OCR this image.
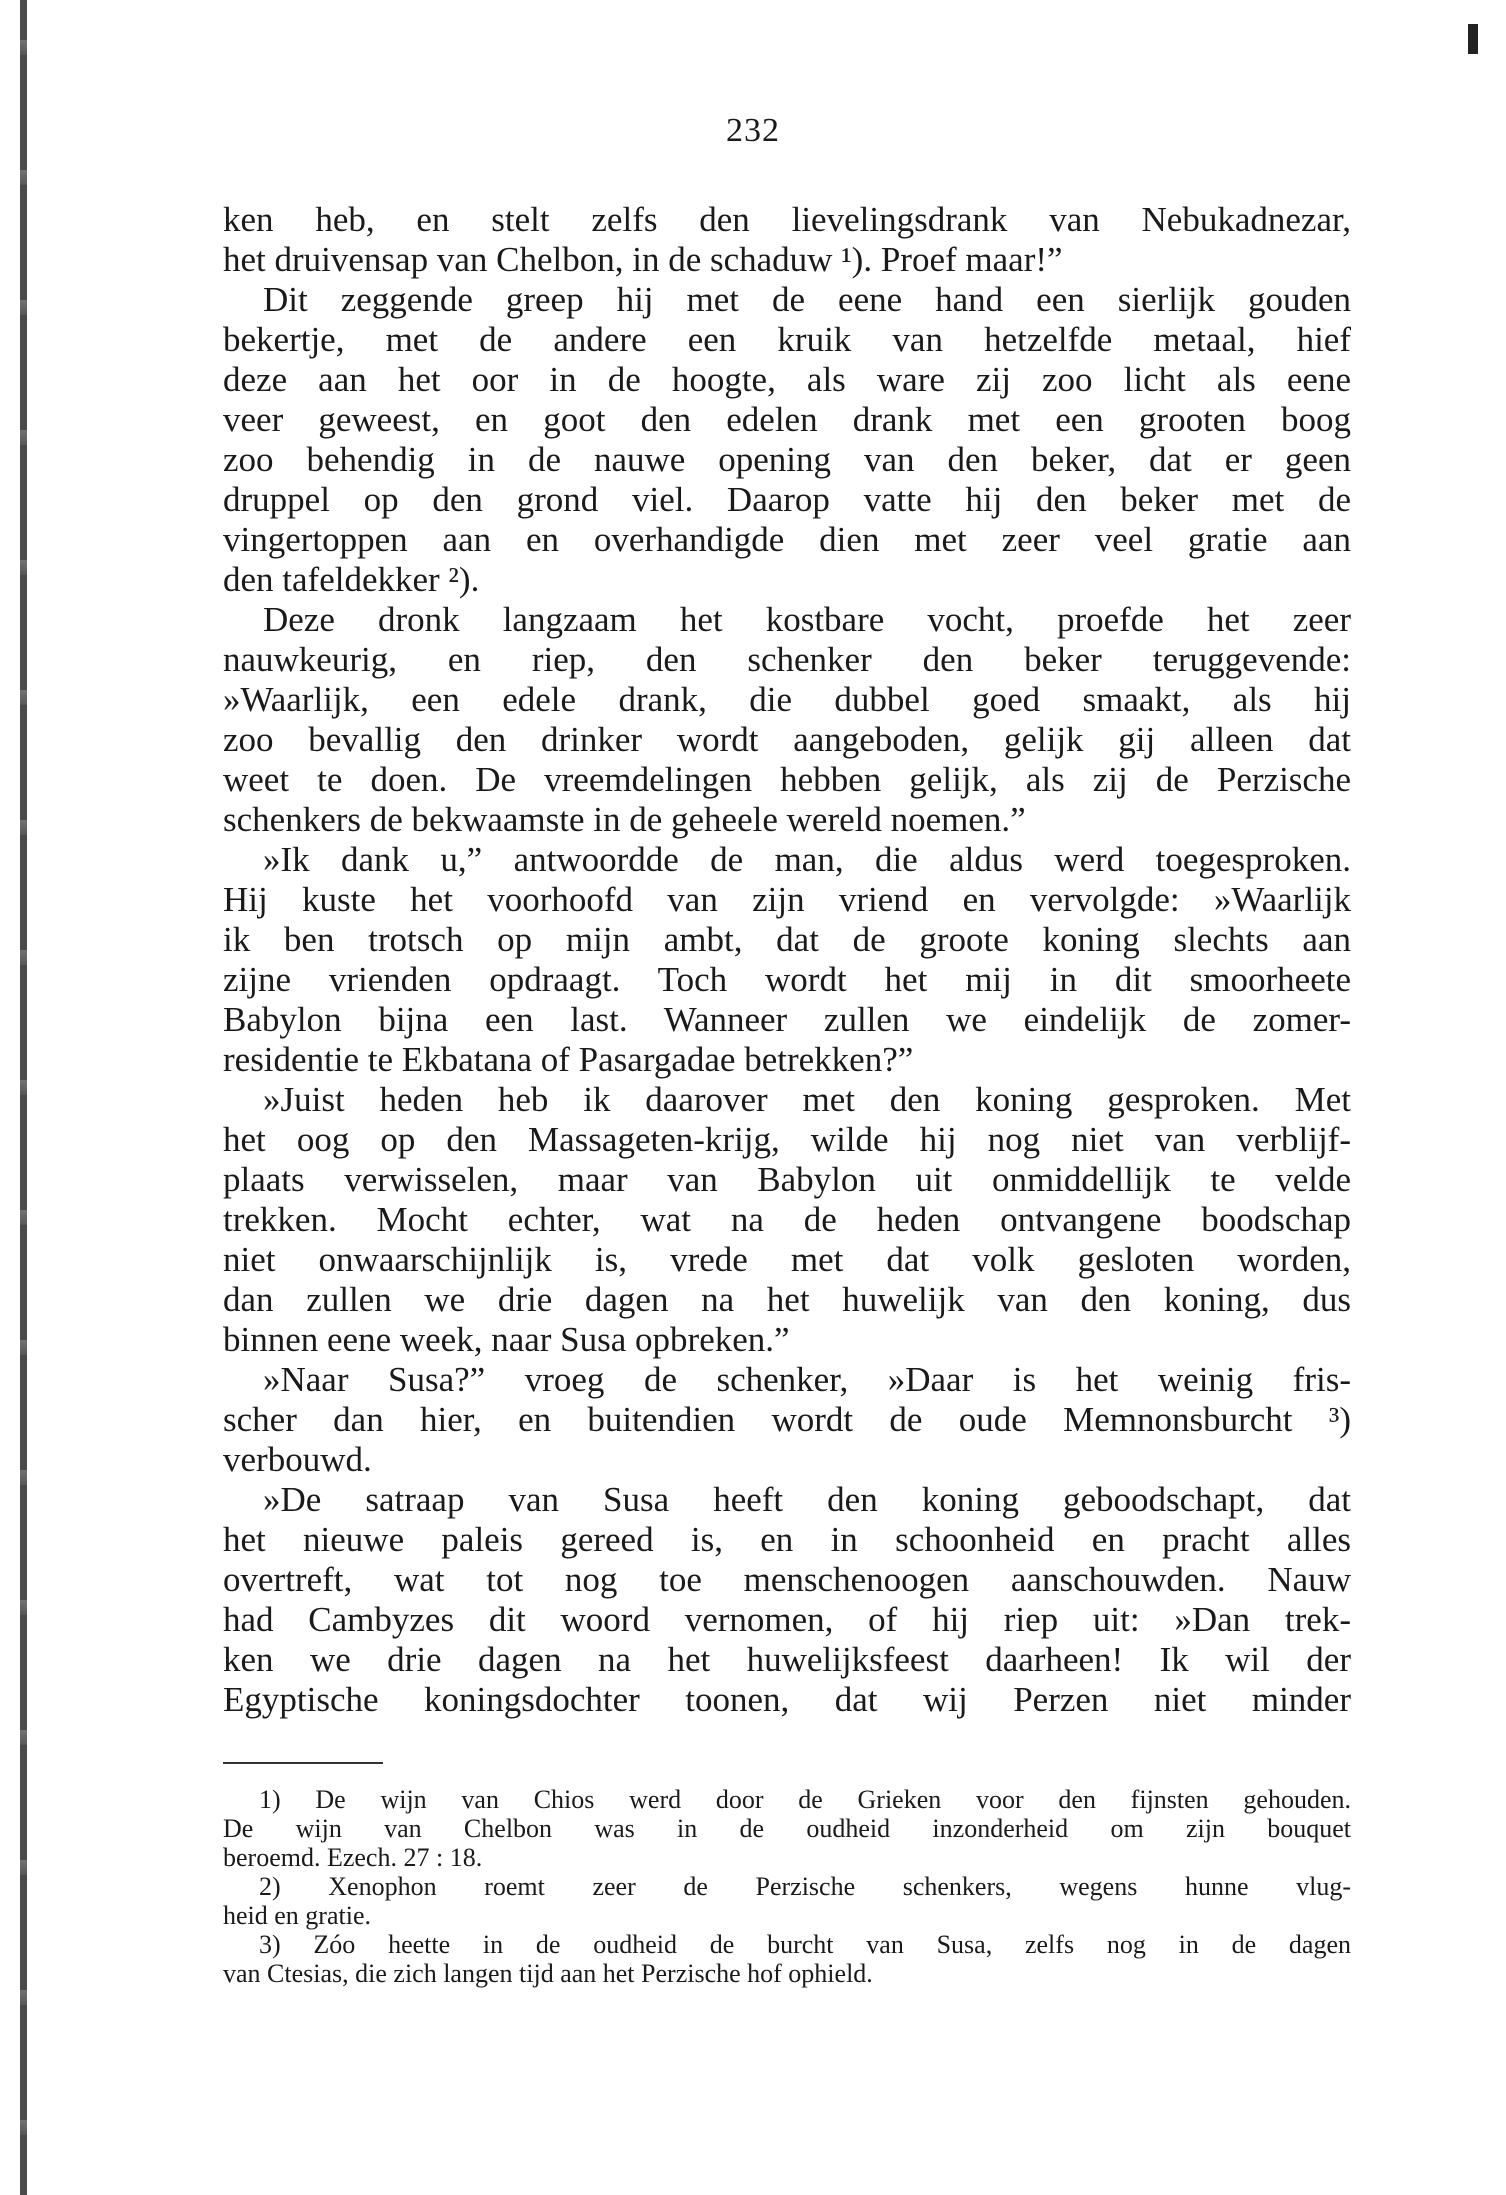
232
ken heb, en stelt zelfs den lievelingsdrank van Nebukadnezar,
het druivensap van Chelbon, in de schaduw ¹). Proef maar!”
Dit zeggende greep hij met de eene hand een sierlijk gouden
bekertje, met de andere een kruik van hetzelfde metaal, hief
deze aan het oor in de hoogte, als ware zij zoo licht als eene
veer geweest, en goot den edelen drank met een grooten boog
zoo behendig in de nauwe opening van den beker, dat er geen
druppel op den grond viel. Daarop vatte hij den beker met de
vingertoppen aan en overhandigde dien met zeer veel gratie aan
den tafeldekker ²).
Deze dronk langzaam het kostbare vocht, proefde het zeer
nauwkeurig, en riep, den schenker den beker teruggevende:
»Waarlijk, een edele drank, die dubbel goed smaakt, als hij
zoo bevallig den drinker wordt aangeboden, gelijk gij alleen dat
weet te doen. De vreemdelingen hebben gelijk, als zij de Perzische
schenkers de bekwaamste in de geheele wereld noemen.”
»Ik dank u,” antwoordde de man, die aldus werd toegesproken.
Hij kuste het voorhoofd van zijn vriend en vervolgde: »Waarlijk
ik ben trotsch op mijn ambt, dat de groote koning slechts aan
zijne vrienden opdraagt. Toch wordt het mij in dit smoorheete
Babylon bijna een last. Wanneer zullen we eindelijk de zomer-
residentie te Ekbatana of Pasargadae betrekken?”
»Juist heden heb ik daarover met den koning gesproken. Met
het oog op den Massageten-krijg, wilde hij nog niet van verblijf-
plaats verwisselen, maar van Babylon uit onmiddellijk te velde
trekken. Mocht echter, wat na de heden ontvangene boodschap
niet onwaarschijnlijk is, vrede met dat volk gesloten worden,
dan zullen we drie dagen na het huwelijk van den koning, dus
binnen eene week, naar Susa opbreken.”
»Naar Susa?” vroeg de schenker, »Daar is het weinig fris-
scher dan hier, en buitendien wordt de oude Memnonsburcht ³)
verbouwd.
»De satraap van Susa heeft den koning geboodschapt, dat
het nieuwe paleis gereed is, en in schoonheid en pracht alles
overtreft, wat tot nog toe menschenoogen aanschouwden. Nauw
had Cambyzes dit woord vernomen, of hij riep uit: »Dan trek-
ken we drie dagen na het huwelijksfeest daarheen! Ik wil der
Egyptische koningsdochter toonen, dat wij Perzen niet minder
1) De wijn van Chios werd door de Grieken voor den fijnsten gehouden.
De wijn van Chelbon was in de oudheid inzonderheid om zijn bouquet
beroemd. Ezech. 27 : 18.
2) Xenophon roemt zeer de Perzische schenkers, wegens hunne vlug-
heid en gratie.
3) Zóo heette in de oudheid de burcht van Susa, zelfs nog in de dagen
van Ctesias, die zich langen tijd aan het Perzische hof ophield.
